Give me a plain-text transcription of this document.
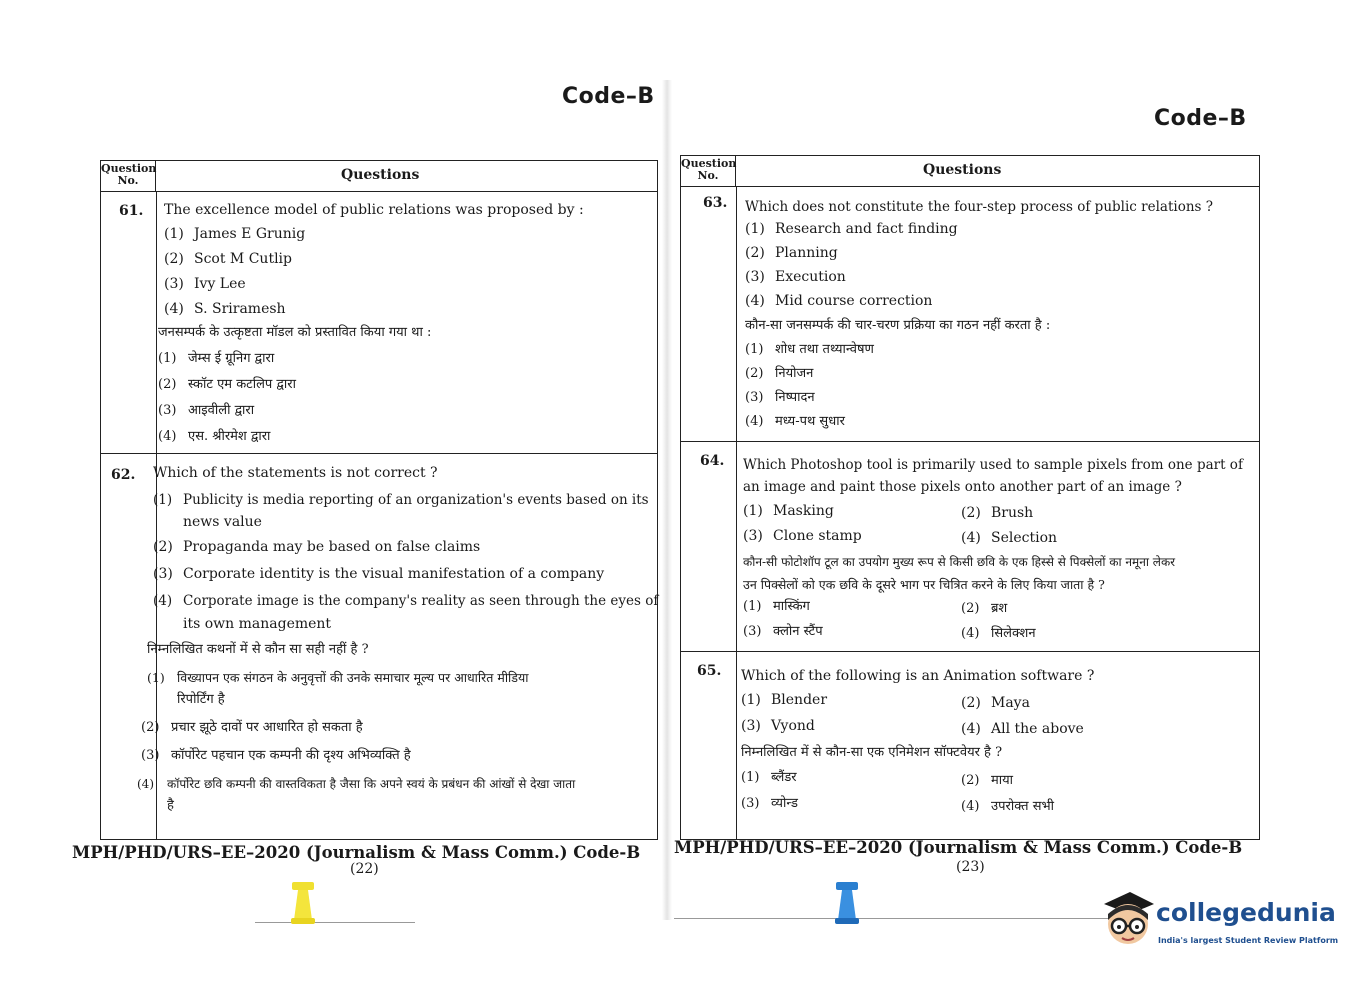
Code–B
Question No.	Questions
61. The excellence model of public relations was proposed by :
(1) James E Grunig
(2) Scot M Cutlip
(3) Ivy Lee
(4) S. Sriramesh
जनसम्पर्क के उत्कृष्टता मॉडल को प्रस्तावित किया गया था :
(1) जेम्स ई ग्रूनिग द्वारा
(2) स्कॉट एम कटलिप द्वारा
(3) आइवीली द्वारा
(4) एस. श्रीरमेश द्वारा
62. Which of the statements is not correct ?
(1) Publicity is media reporting of an organization's events based on its
news value
(2) Propaganda may be based on false claims
(3) Corporate identity is the visual manifestation of a company
(4) Corporate image is the company's reality as seen through the eyes of
its own management
निम्नलिखित कथनों में से कौन सा सही नहीं है ?
(1) विख्यापन एक संगठन के अनुवृत्तों की उनके समाचार मूल्य पर आधारित मीडिया
रिपोर्टिंग है
(2) प्रचार झूठे दावों पर आधारित हो सकता है
(3) कॉर्पोरेट पहचान एक कम्पनी की दृश्य अभिव्यक्ति है
(4) कॉर्पोरेट छवि कम्पनी की वास्तविकता है जैसा कि अपने स्वयं के प्रबंधन की आंखों से देखा जाता
है
MPH/PHD/URS–EE–2020 (Journalism & Mass Comm.) Code-B
(22)
Code–B
Question No.	Questions
63. Which does not constitute the four-step process of public relations ?
(1) Research and fact finding
(2) Planning
(3) Execution
(4) Mid course correction
कौन-सा जनसम्पर्क की चार-चरण प्रक्रिया का गठन नहीं करता है :
(1) शोध तथा तथ्यान्वेषण
(2) नियोजन
(3) निष्पादन
(4) मध्य-पथ सुधार
64. Which Photoshop tool is primarily used to sample pixels from one part of
an image and paint those pixels onto another part of an image ?
(1) Masking	(2) Brush
(3) Clone stamp	(4) Selection
कौन-सी फोटोशॉप टूल का उपयोग मुख्य रूप से किसी छवि के एक हिस्से से पिक्सेलों का नमूना लेकर
उन पिक्सेलों को एक छवि के दूसरे भाग पर चित्रित करने के लिए किया जाता है ?
(1) मास्किंग	(2) ब्रश
(3) क्लोन स्टैंप	(4) सिलेक्शन
65. Which of the following is an Animation software ?
(1) Blender	(2) Maya
(3) Vyond	(4) All the above
निम्नलिखित में से कौन-सा एक एनिमेशन सॉफ्टवेयर है ?
(1) ब्लैंडर	(2) माया
(3) व्योन्ड	(4) उपरोक्त सभी
MPH/PHD/URS–EE–2020 (Journalism & Mass Comm.) Code-B
(23)
collegedunia
India's largest Student Review Platform
